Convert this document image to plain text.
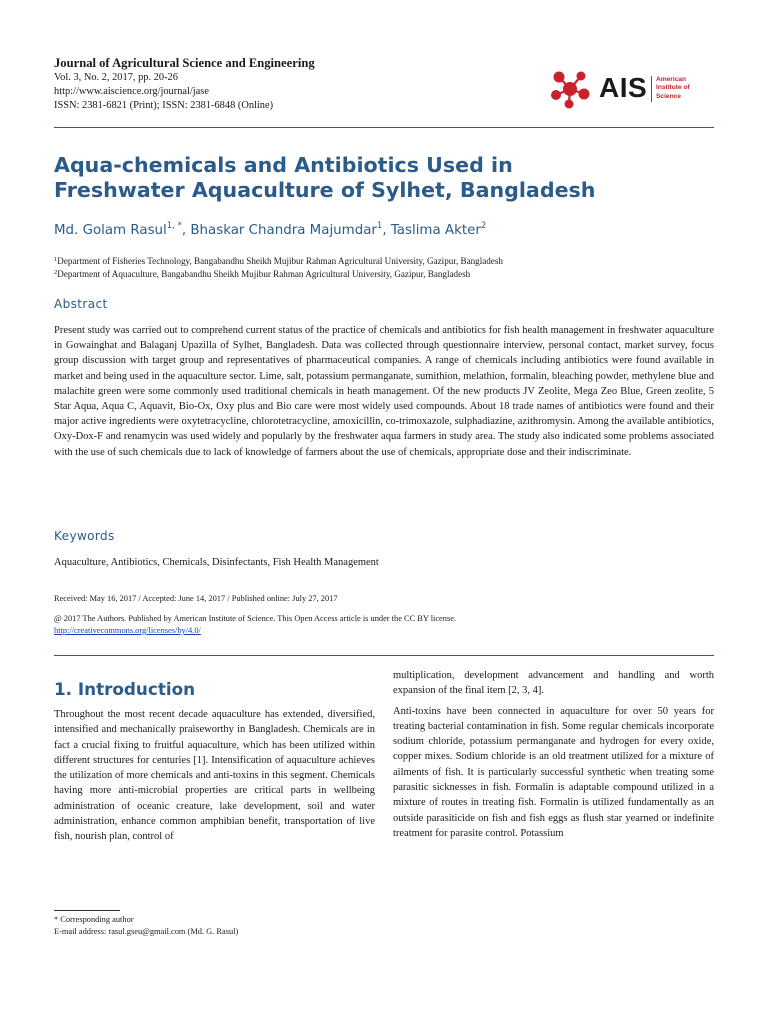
Journal of Agricultural Science and Engineering
Vol. 3, No. 2, 2017, pp. 20-26
http://www.aiscience.org/journal/jase
ISSN: 2381-6821 (Print); ISSN: 2381-6848 (Online)
AIS American
Institute of
Science
Aqua-chemicals and Antibiotics Used in
Freshwater Aquaculture of Sylhet, Bangladesh
Md. Golam Rasul$^{1, *}$, Bhaskar Chandra Majumdar$^1$, Taslima Akter$^2$
$^1$Department of Fisheries Technology, Bangabandhu Sheikh Mujibur Rahman Agricultural University, Gazipur, Bangladesh
$^2$Department of Aquaculture, Bangabandhu Sheikh Mujibur Rahman Agricultural University, Gazipur, Bangladesh
Abstract
Present study was carried out to comprehend current status of the practice of chemicals and antibiotics for fish health management in freshwater aquaculture in Gowainghat and Balaganj Upazilla of Sylhet, Bangladesh. Data was collected through questionnaire interview, personal contact, market survey, focus group discussion with target group and representatives of pharmaceutical companies. A range of chemicals including antibiotics were found available in market and being used in the aquaculture sector. Lime, salt, potassium permanganate, sumithion, melathion, formalin, bleaching powder, methylene blue and malachite green were some commonly used traditional chemicals in heath management. Of the new products JV Zeolite, Mega Zeo Blue, Green zeolite, 5 Star Aqua, Aqua C, Aquavit, Bio-Ox, Oxy plus and Bio care were most widely used compounds. About 18 trade names of antibiotics were found and their major active ingredients were oxytetracycline, chlorotetracycline, amoxicillin, co-trimoxazole, sulphadiazine, azithromysin. Among the available antibiotics, Oxy-Dox-F and renamycin was used widely and popularly by the freshwater aqua farmers in study area. The study also indicated some problems associated with the use of such chemicals due to lack of knowledge of farmers about the use of chemicals, appropriate dose and their indiscriminate.
Keywords
Aquaculture, Antibiotics, Chemicals, Disinfectants, Fish Health Management
Received: May 16, 2017 / Accepted: June 14, 2017 / Published online: July 27, 2017
@ 2017 The Authors. Published by American Institute of Science. This Open Access article is under the CC BY license.
http://creativecommons.org/licenses/by/4.0/
1. Introduction

Throughout the most recent decade aquaculture has extended, diversified, intensified and mechanically praiseworthy in Bangladesh. Chemicals are in fact a crucial fixing to fruitful aquaculture, which has been utilized within different structures for centuries [1]. Intensification of aquaculture achieves the utilization of more chemicals and anti-toxins in this segment. Chemicals having more anti-microbial properties are critical parts in wellbeing administration of oceanic creature, lake development, soil and water administration, enhance common amphibian benefit, transportation of live fish, nourish plan, control of

multiplication, development advancement and handling and worth expansion of the final item [2, 3, 4].

Anti-toxins have been connected in aquaculture for over 50 years for treating bacterial contamination in fish. Some regular chemicals incorporate sodium chloride, potassium permanganate and hydrogen for every oxide, copper mixes. Sodium chloride is an old treatment utilized for a mixture of ailments of fish. It is particularly successful synthetic when treating some parasitic sicknesses in fish. Formalin is adaptable compound utilized in a mixture of routes in treating fish. Formalin is utilized fundamentally as an outside parasiticide on fish and fish eggs as flush star yearned or indefinite treatment for parasite control. Potassium

* Corresponding author
E-mail address: rasul.gseu@gmail.com (Md. G. Rasul)
